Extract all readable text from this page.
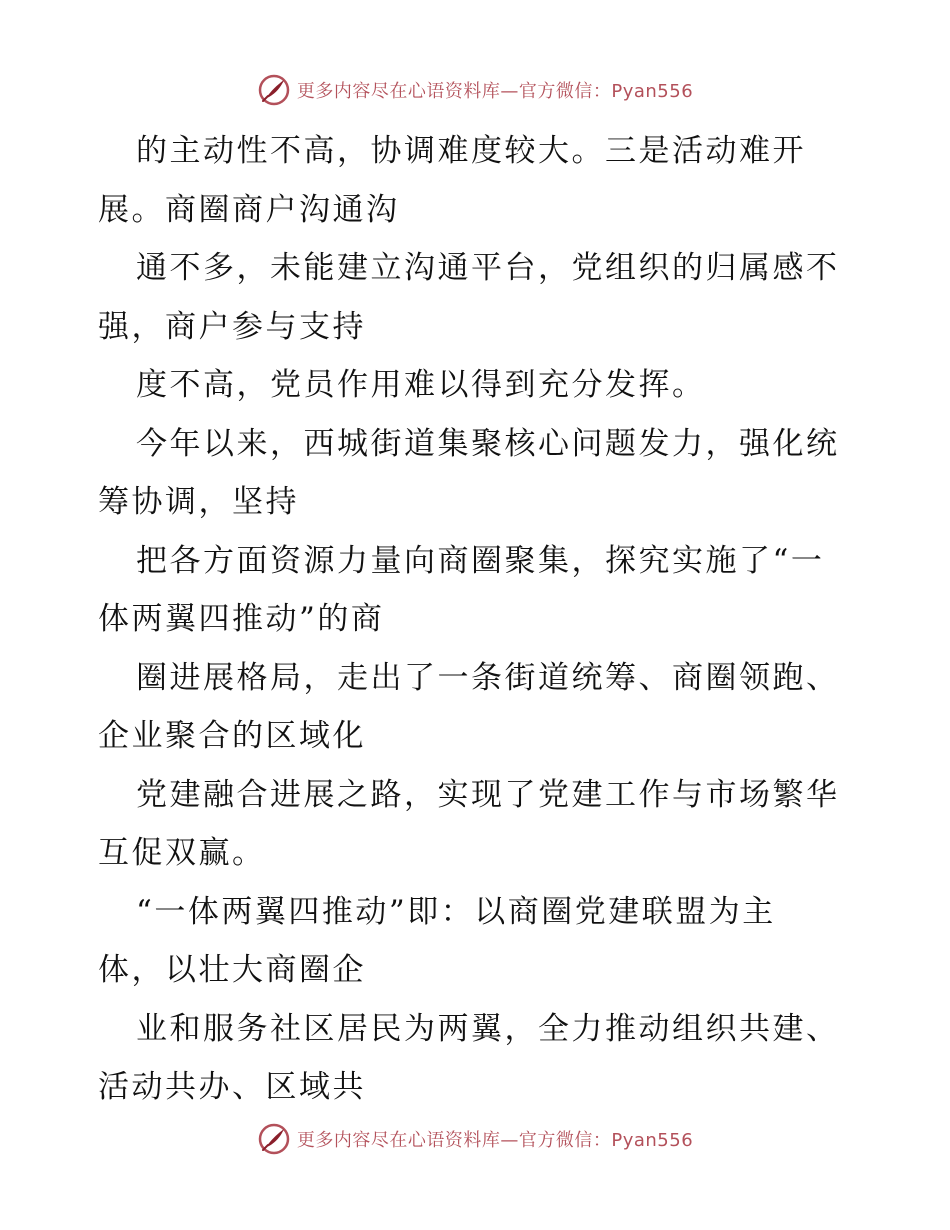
更多内容尽在心语资料库—官方微信：Pyan556
的主动性不高，协调难度较大。三是活动难开
展。商圈商户沟通沟
通不多，未能建立沟通平台，党组织的归属感不
强，商户参与支持
度不高，党员作用难以得到充分发挥。
今年以来，西城街道集聚核心问题发力，强化统
筹协调，坚持
把各方面资源力量向商圈聚集，探究实施了“一
体两翼四推动”的商
圈进展格局，走出了一条街道统筹、商圈领跑、
企业聚合的区域化
党建融合进展之路，实现了党建工作与市场繁华
互促双赢。
“一体两翼四推动”即：以商圈党建联盟为主
体，以壮大商圈企
业和服务社区居民为两翼，全力推动组织共建、
活动共办、区域共
更多内容尽在心语资料库—官方微信：Pyan556
